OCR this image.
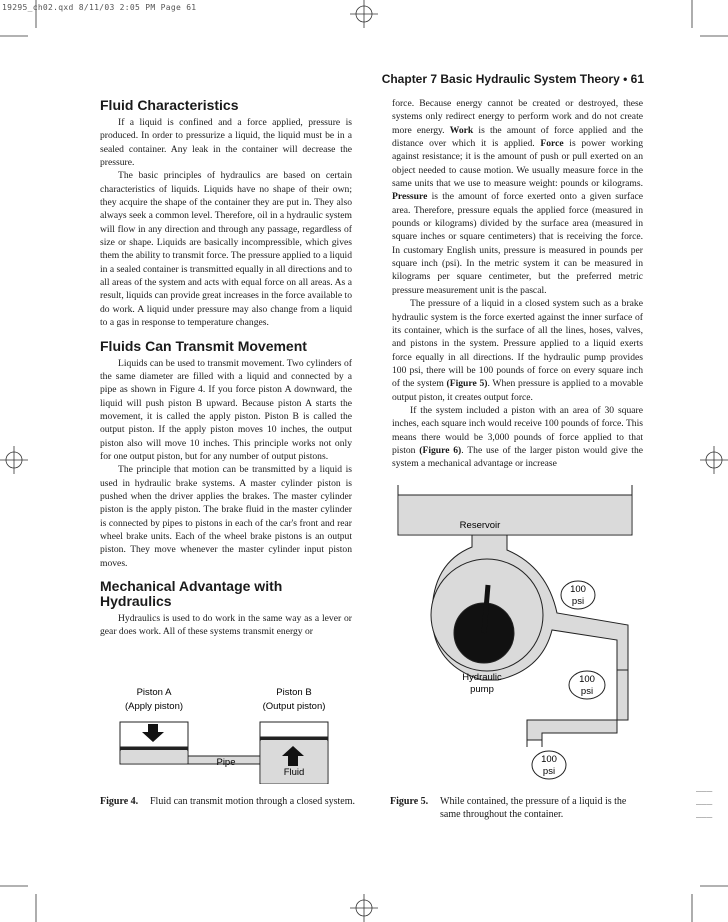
19295_ch02.qxd 8/11/03 2:05 PM Page 61
Chapter 7 Basic Hydraulic System Theory • 61
Fluid Characteristics

If a liquid is confined and a force applied, pressure is produced. In order to pressurize a liquid, the liquid must be in a sealed container. Any leak in the container will decrease the pressure.

The basic principles of hydraulics are based on certain characteristics of liquids. Liquids have no shape of their own; they acquire the shape of the container they are put in. They also always seek a common level. Therefore, oil in a hydraulic system will flow in any direction and through any passage, regardless of size or shape. Liquids are basically incompressible, which gives them the ability to transmit force. The pressure applied to a liquid in a sealed container is transmitted equally in all directions and to all areas of the system and acts with equal force on all areas. As a result, liquids can provide great increases in the force available to do work. A liquid under pressure may also change from a liquid to a gas in response to temperature changes.

Fluids Can Transmit Movement

Liquids can be used to transmit movement. Two cylinders of the same diameter are filled with a liquid and connected by a pipe as shown in Figure 4. If you force piston A downward, the liquid will push piston B upward. Because piston A starts the movement, it is called the apply piston. Piston B is called the output piston. If the apply piston moves 10 inches, the output piston also will move 10 inches. This principle works not only for one output piston, but for any number of output pistons.

The principle that motion can be transmitted by a liquid is used in hydraulic brake systems. A master cylinder piston is pushed when the driver applies the brakes. The master cylinder piston is the apply piston. The brake fluid in the master cylinder is connected by pipes to pistons in each of the car's front and rear wheel brake units. Each of the wheel brake pistons is an output piston. They move whenever the master cylinder input piston moves.

Mechanical Advantage with Hydraulics

Hydraulics is used to do work in the same way as a lever or gear does work. All of these systems transmit energy or

force. Because energy cannot be created or destroyed, these systems only redirect energy to perform work and do not create more energy. Work is the amount of force applied and the distance over which it is applied. Force is power working against resistance; it is the amount of push or pull exerted on an object needed to cause motion. We usually measure force in the same units that we use to measure weight: pounds or kilograms. Pressure is the amount of force exerted onto a given surface area. Therefore, pressure equals the applied force (measured in pounds or kilograms) divided by the surface area (measured in square inches or square centimeters) that is receiving the force. In customary English units, pressure is measured in pounds per square inch (psi). In the metric system it can be measured in kilograms per square centimeter, but the preferred metric pressure measurement unit is the pascal.

The pressure of a liquid in a closed system such as a brake hydraulic system is the force exerted against the inner surface of its container, which is the surface of all the lines, hoses, valves, and pistons in the system. Pressure applied to a liquid exerts force equally in all directions. If the hydraulic pump provides 100 psi, there will be 100 pounds of force on every square inch of the system (Figure 5). When pressure is applied to a movable output piston, it creates output force.

If the system included a piston with an area of 30 square inches, each square inch would receive 100 pounds of force. This means there would be 3,000 pounds of force applied to that piston (Figure 6). The use of the larger piston would give the system a mechanical advantage or increase

Piston A
(Apply piston)
Piston B
(Output piston)
Pipe
Fluid
Figure 4. Fluid can transmit motion through a closed system.
Reservoir
Hydraulic
pump
100
psi
100
psi
100
psi
Figure 5. While contained, the pressure of a liquid is the same throughout the container.
___
___
___
